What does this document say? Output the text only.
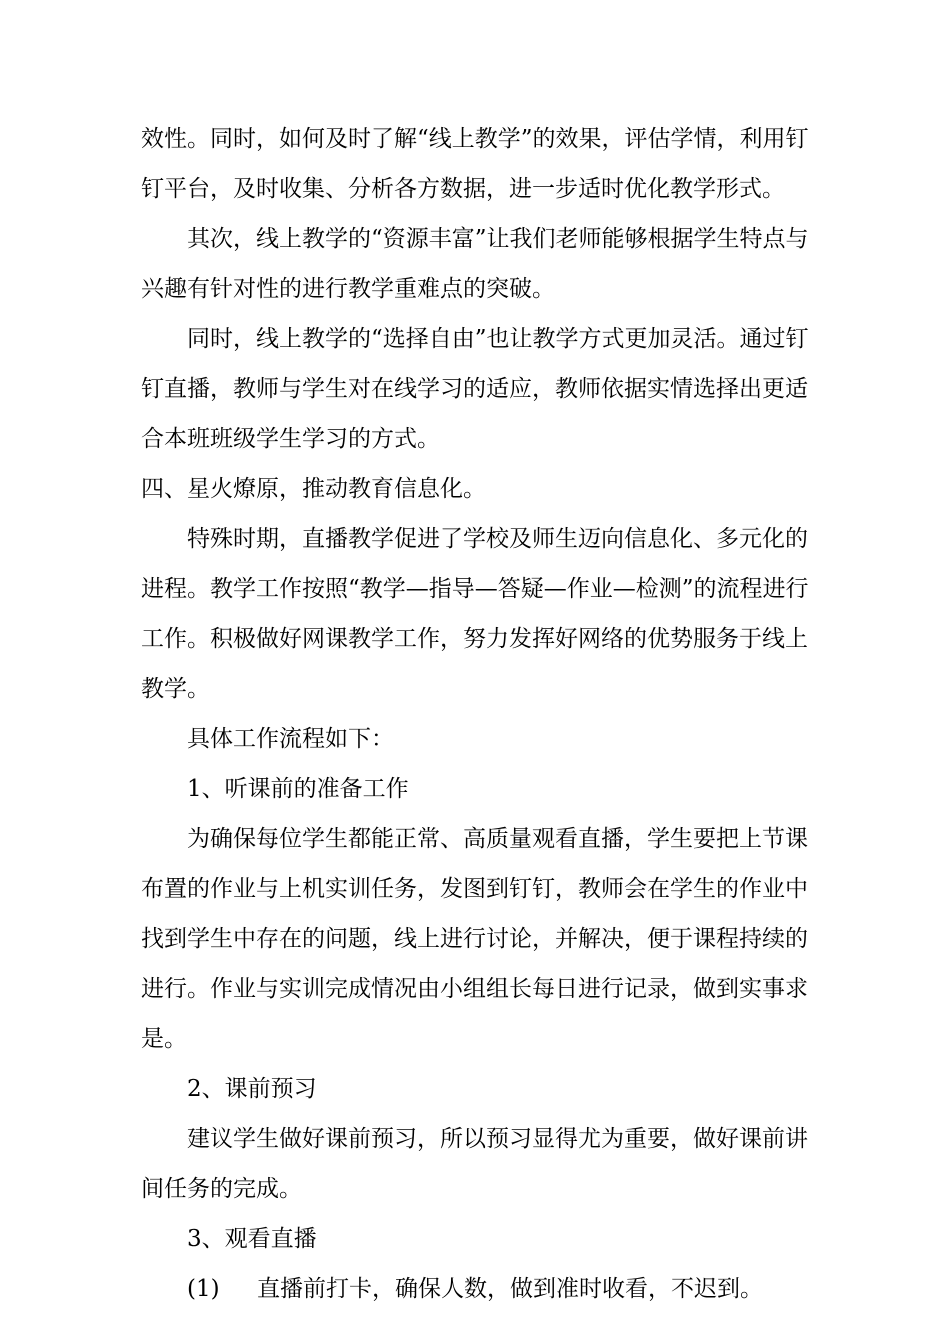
效性。同时，如何及时了解“线上教学”的效果，评估学情，利用钉钉平台，及时收集、分析各方数据，进一步适时优化教学形式。

其次，线上教学的“资源丰富”让我们老师能够根据学生特点与兴趣有针对性的进行教学重难点的突破。

同时，线上教学的“选择自由”也让教学方式更加灵活。通过钉钉直播，教师与学生对在线学习的适应，教师依据实情选择出更适合本班班级学生学习的方式。

四、星火燎原，推动教育信息化。

特殊时期，直播教学促进了学校及师生迈向信息化、多元化的进程。教学工作按照“教学—指导—答疑—作业—检测”的流程进行工作。积极做好网课教学工作，努力发挥好网络的优势服务于线上教学。

具体工作流程如下：

1、听课前的准备工作

为确保每位学生都能正常、高质量观看直播，学生要把上节课布置的作业与上机实训任务，发图到钉钉，教师会在学生的作业中找到学生中存在的问题，线上进行讨论，并解决，便于课程持续的进行。作业与实训完成情况由小组组长每日进行记录，做到实事求是。

2、课前预习

建议学生做好课前预习，所以预习显得尤为重要，做好课前讲间任务的完成。

3、观看直播

(1) 直播前打卡，确保人数，做到准时收看，不迟到。
